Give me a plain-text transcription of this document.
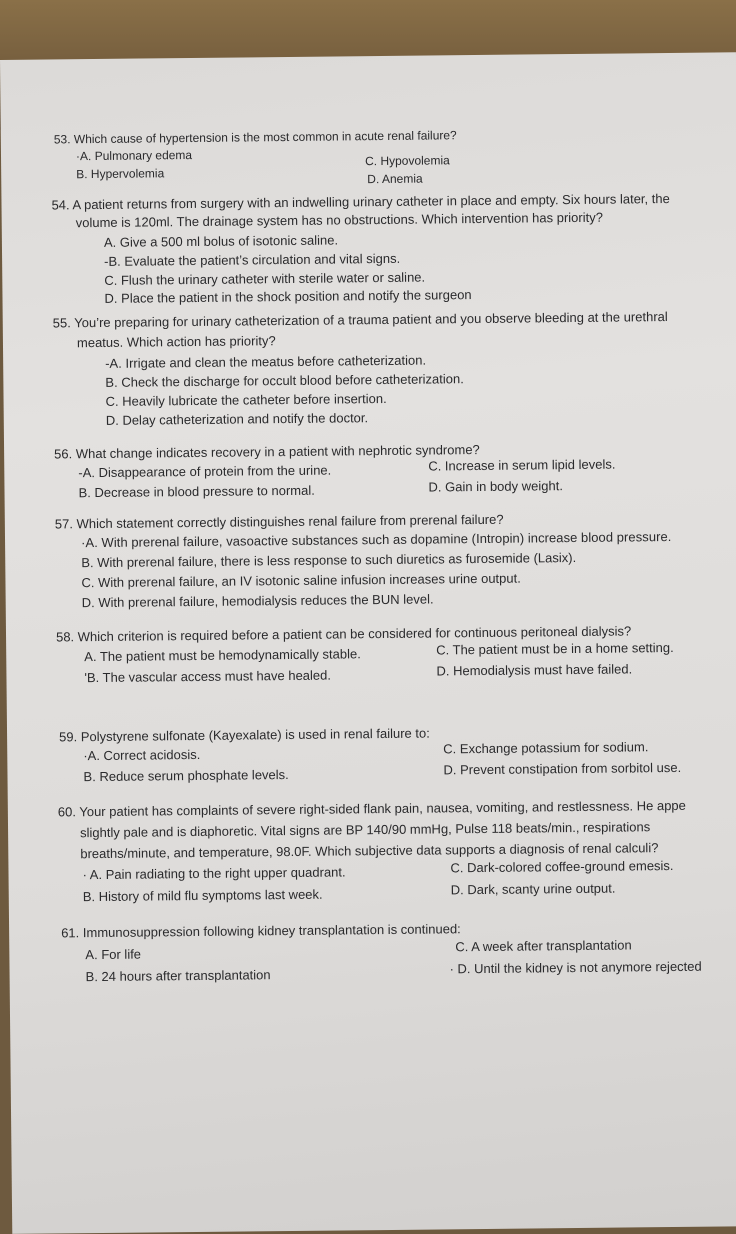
53. Which cause of hypertension is the most common in acute renal failure?
·A. Pulmonary edema
B. Hypervolemia
C. Hypovolemia
D. Anemia
54. A patient returns from surgery with an indwelling urinary catheter in place and empty. Six hours later, the
volume is 120ml. The drainage system has no obstructions. Which intervention has priority?
A. Give a 500 ml bolus of isotonic saline.
-B. Evaluate the patient’s circulation and vital signs.
C. Flush the urinary catheter with sterile water or saline.
D. Place the patient in the shock position and notify the surgeon
55. You’re preparing for urinary catheterization of a trauma patient and you observe bleeding at the urethral
meatus. Which action has priority?
-A. Irrigate and clean the meatus before catheterization.
B. Check the discharge for occult blood before catheterization.
C. Heavily lubricate the catheter before insertion.
D. Delay catheterization and notify the doctor.
56. What change indicates recovery in a patient with nephrotic syndrome?
-A. Disappearance of protein from the urine.
B. Decrease in blood pressure to normal.
C. Increase in serum lipid levels.
D. Gain in body weight.
57. Which statement correctly distinguishes renal failure from prerenal failure?
·A. With prerenal failure, vasoactive substances such as dopamine (Intropin) increase blood pressure.
B. With prerenal failure, there is less response to such diuretics as furosemide (Lasix).
C. With prerenal failure, an IV isotonic saline infusion increases urine output.
D. With prerenal failure, hemodialysis reduces the BUN level.
58. Which criterion is required before a patient can be considered for continuous peritoneal dialysis?
A. The patient must be hemodynamically stable.
'B. The vascular access must have healed.
C. The patient must be in a home setting.
D. Hemodialysis must have failed.
59. Polystyrene sulfonate (Kayexalate) is used in renal failure to:
·A. Correct acidosis.
B. Reduce serum phosphate levels.
C. Exchange potassium for sodium.
D. Prevent constipation from sorbitol use.
60. Your patient has complaints of severe right-sided flank pain, nausea, vomiting, and restlessness. He appe
slightly pale and is diaphoretic. Vital signs are BP 140/90 mmHg, Pulse 118 beats/min., respirations
breaths/minute, and temperature, 98.0F. Which subjective data supports a diagnosis of renal calculi?
· A. Pain radiating to the right upper quadrant.
B. History of mild flu symptoms last week.
C. Dark-colored coffee-ground emesis.
D. Dark, scanty urine output.
61. Immunosuppression following kidney transplantation is continued:
A. For life
B. 24 hours after transplantation
C. A week after transplantation
· D. Until the kidney is not anymore rejected
